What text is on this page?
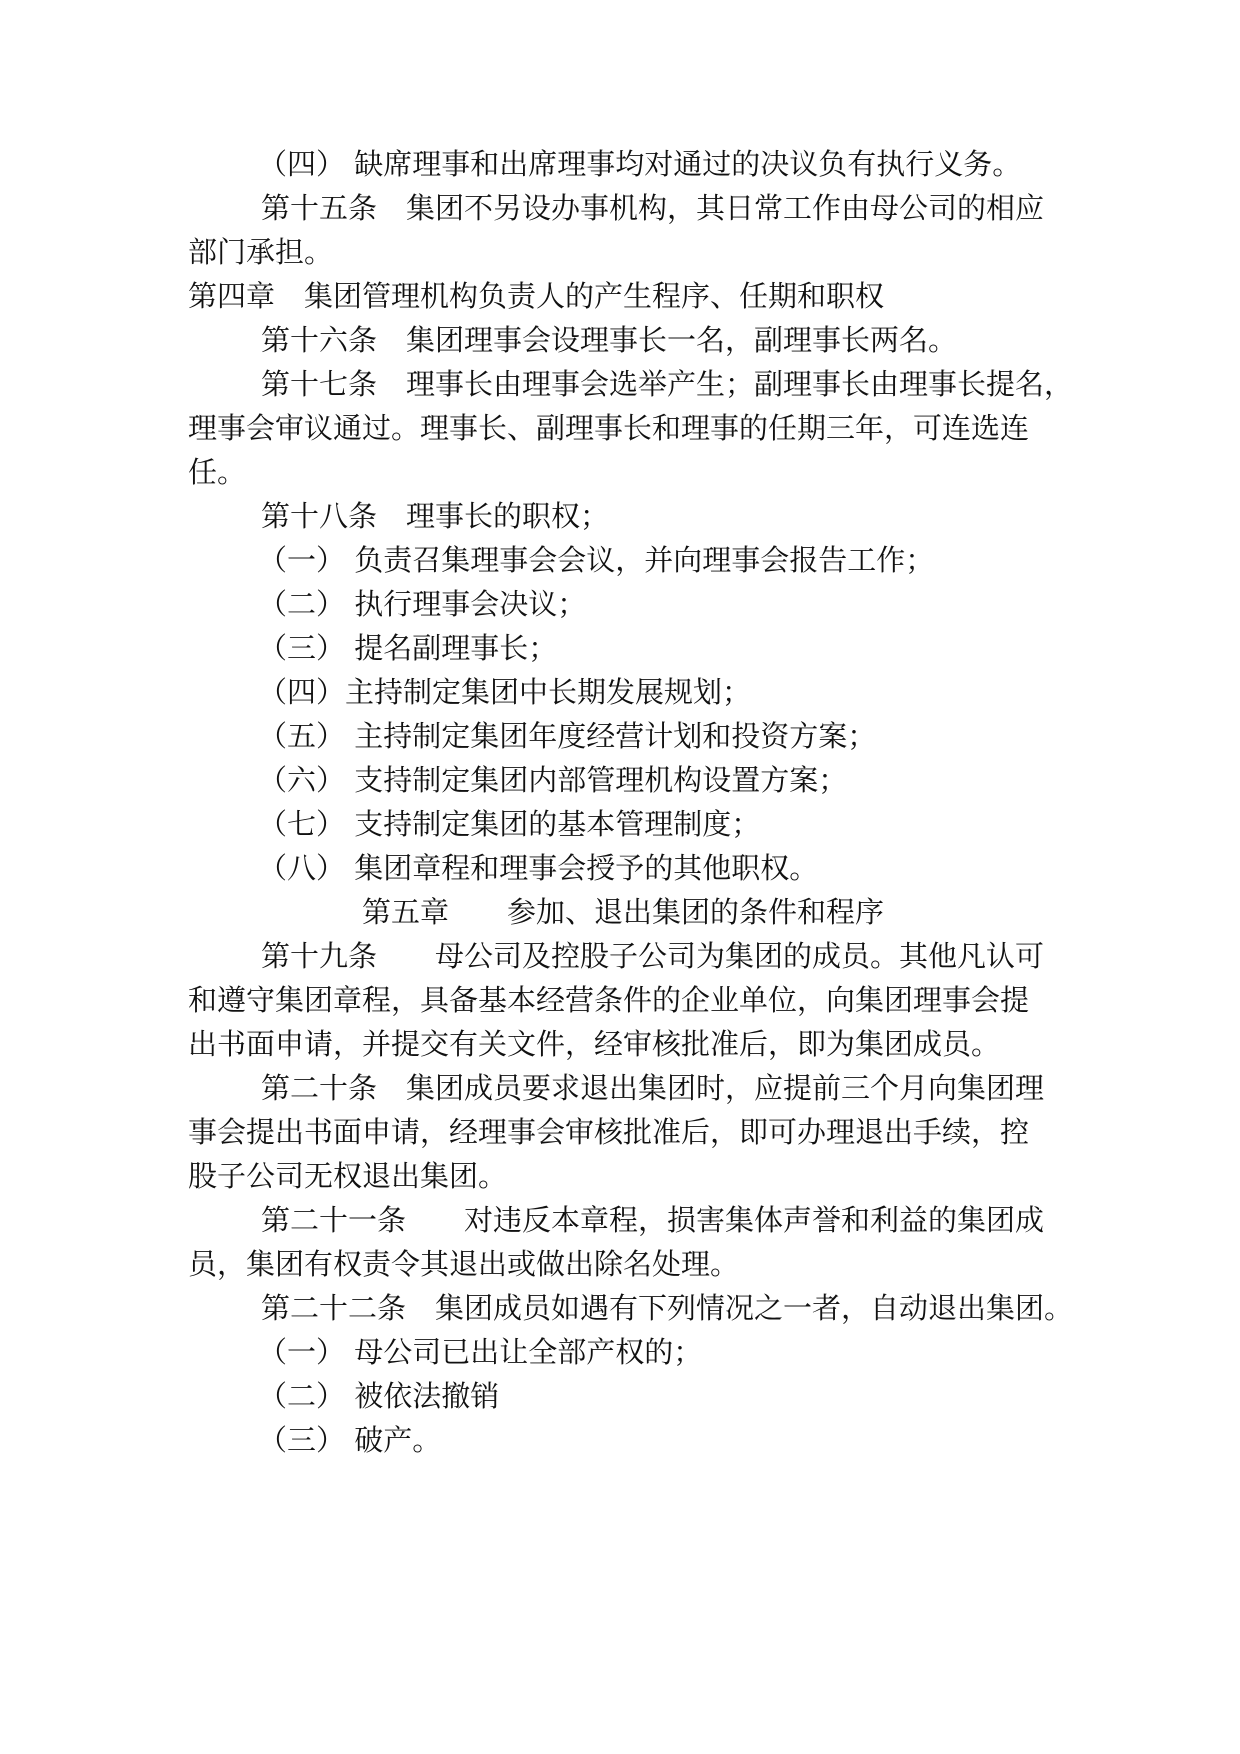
（四） 缺席理事和出席理事均对通过的决议负有执行义务。
第十五条　集团不另设办事机构，其日常工作由母公司的相应
部门承担。
第四章　集团管理机构负责人的产生程序、任期和职权
第十六条　集团理事会设理事长一名，副理事长两名。
第十七条　理事长由理事会选举产生；副理事长由理事长提名，
理事会审议通过。理事长、副理事长和理事的任期三年，可连选连
任。
第十八条　理事长的职权；
（一） 负责召集理事会会议，并向理事会报告工作；
（二） 执行理事会决议；
（三） 提名副理事长；
（四）主持制定集团中长期发展规划；
（五） 主持制定集团年度经营计划和投资方案；
（六） 支持制定集团内部管理机构设置方案；
（七） 支持制定集团的基本管理制度；
（八） 集团章程和理事会授予的其他职权。
第五章　　参加、退出集团的条件和程序
第十九条　　母公司及控股子公司为集团的成员。其他凡认可
和遵守集团章程，具备基本经营条件的企业单位，向集团理事会提
出书面申请，并提交有关文件，经审核批准后，即为集团成员。
第二十条　集团成员要求退出集团时，应提前三个月向集团理
事会提出书面申请，经理事会审核批准后，即可办理退出手续，控
股子公司无权退出集团。
第二十一条　　对违反本章程，损害集体声誉和利益的集团成
员，集团有权责令其退出或做出除名处理。
第二十二条　集团成员如遇有下列情况之一者，自动退出集团。
（一） 母公司已出让全部产权的；
（二） 被依法撤销
（三） 破产。
